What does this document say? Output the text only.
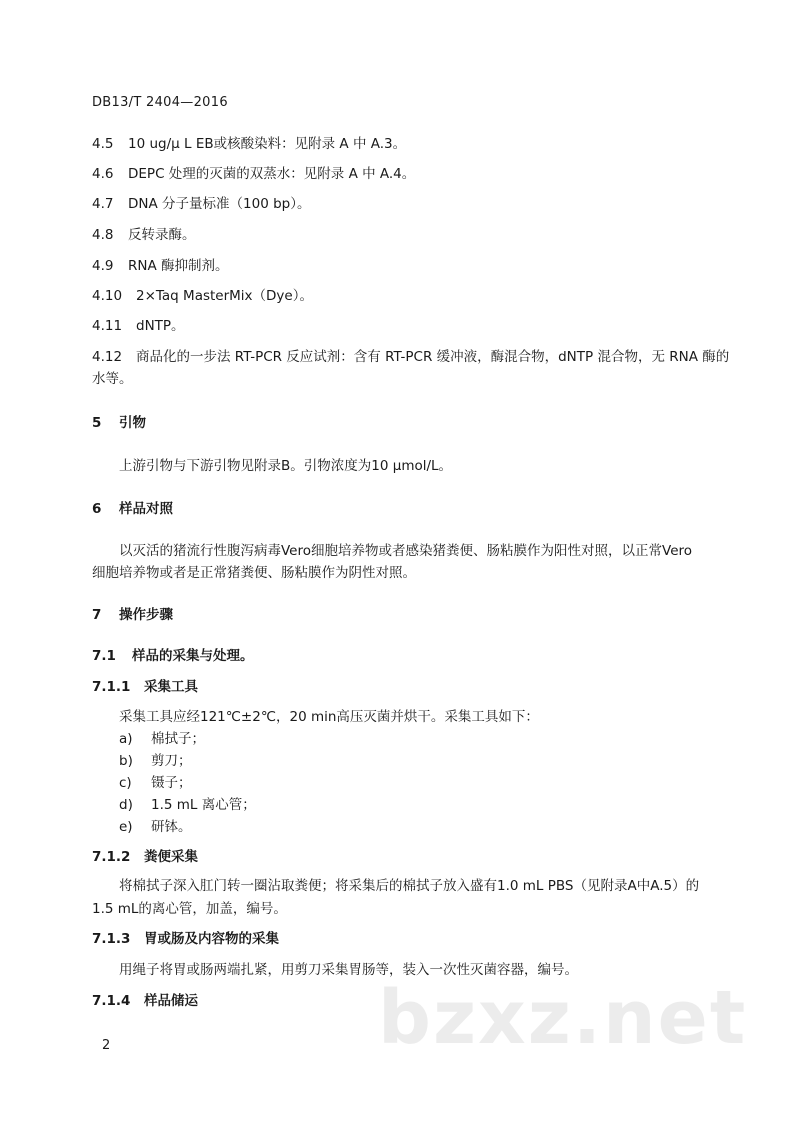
DB13/T 2404—2016
4.5 10 ug/μ L EB或核酸染料：见附录 A 中 A.3。
4.6 DEPC 处理的灭菌的双蒸水：见附录 A 中 A.4。
4.7 DNA 分子量标准（100 bp）。
4.8 反转录酶。
4.9 RNA 酶抑制剂。
4.10 2×Taq MasterMix（Dye）。
4.11 dNTP。
4.12 商品化的一步法 RT-PCR 反应试剂：含有 RT-PCR 缓冲液，酶混合物，dNTP 混合物，无 RNA 酶的
水等。
5 引物
上游引物与下游引物见附录B。引物浓度为10 μmol/L。
6 样品对照
以灭活的猪流行性腹泻病毒Vero细胞培养物或者感染猪粪便、肠粘膜作为阳性对照，以正常Vero
细胞培养物或者是正常猪粪便、肠粘膜作为阴性对照。
7 操作步骤
7.1 样品的采集与处理。
7.1.1 采集工具
采集工具应经121℃±2℃，20 min高压灭菌并烘干。采集工具如下：
a) 棉拭子；
b) 剪刀；
c) 镊子；
d) 1.5 mL 离心管；
e) 研钵。
7.1.2 粪便采集
将棉拭子深入肛门转一圈沾取粪便；将采集后的棉拭子放入盛有1.0 mL PBS（见附录A中A.5）的
1.5 mL的离心管，加盖，编号。
7.1.3 胃或肠及内容物的采集
用绳子将胃或肠两端扎紧，用剪刀采集胃肠等，装入一次性灭菌容器，编号。
7.1.4 样品储运 bzxz.net
2
